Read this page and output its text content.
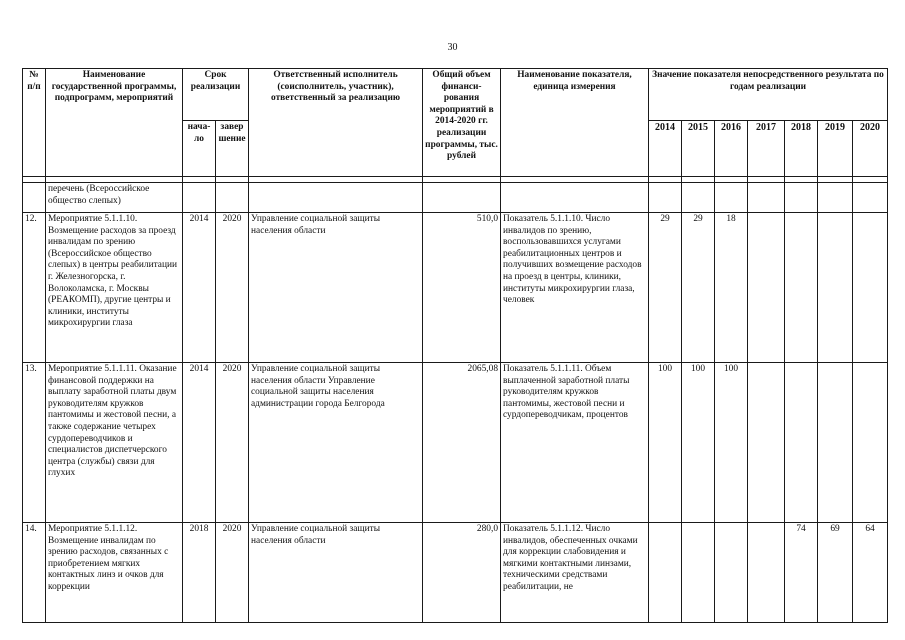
30
№ п/п	Наименование государственной программы, подпрограмм, мероприятий	Срок реализации		Ответственный исполнитель (соисполнитель, участник), ответственный за реализацию	Общий объем финанси-рования мероприятий в 2014-2020 гг. реализации программы, тыс. рублей	Наименование показателя, единица измерения	Значение показателя непосредственного результата по годам реализации						
		нача-ло	завер шение				2014	2015	2016	2017	2018	2019	2020

	перечень (Всероссийское общество слепых)												
12.	Мероприятие 5.1.1.10. Возмещение расходов за проезд инвалидам по зрению (Всероссийское общество слепых) в центры реабилитации г. Железногорска, г. Волоколамска, г. Москвы (РЕАКОМП), другие центры и клиники, институты микрохирургии глаза	2014	2020	Управление социальной защиты населения области	510,0	Показатель 5.1.1.10. Число инвалидов по зрению, воспользовавшихся услугами реабилитационных центров и получивших возмещение расходов на проезд в центры, клиники, институты микрохирургии глаза, человек	29	29	18				
13.	Мероприятие 5.1.1.11. Оказание финансовой поддержки на выплату заработной платы двум руководителям кружков пантомимы и жестовой песни, а также содержание четырех сурдопереводчиков и специалистов диспетчерского центра (службы) связи для глухих	2014	2020	Управление социальной защиты населения области Управление социальной защиты населения администрации города Белгорода	2065,08	Показатель 5.1.1.11. Объем выплаченной заработной платы руководителям кружков пантомимы, жестовой песни и сурдопереводчикам, процентов	100	100	100				
14.	Мероприятие 5.1.1.12. Возмещение инвалидам по зрению расходов, связанных с приобретением мягких контактных линз и очков для коррекции	2018	2020	Управление социальной защиты населения области	280,0	Показатель 5.1.1.12. Число инвалидов, обеспеченных очками для коррекции слабовидения и мягкими контактными линзами, техническими средствами реабилитации, не					74	69	64
